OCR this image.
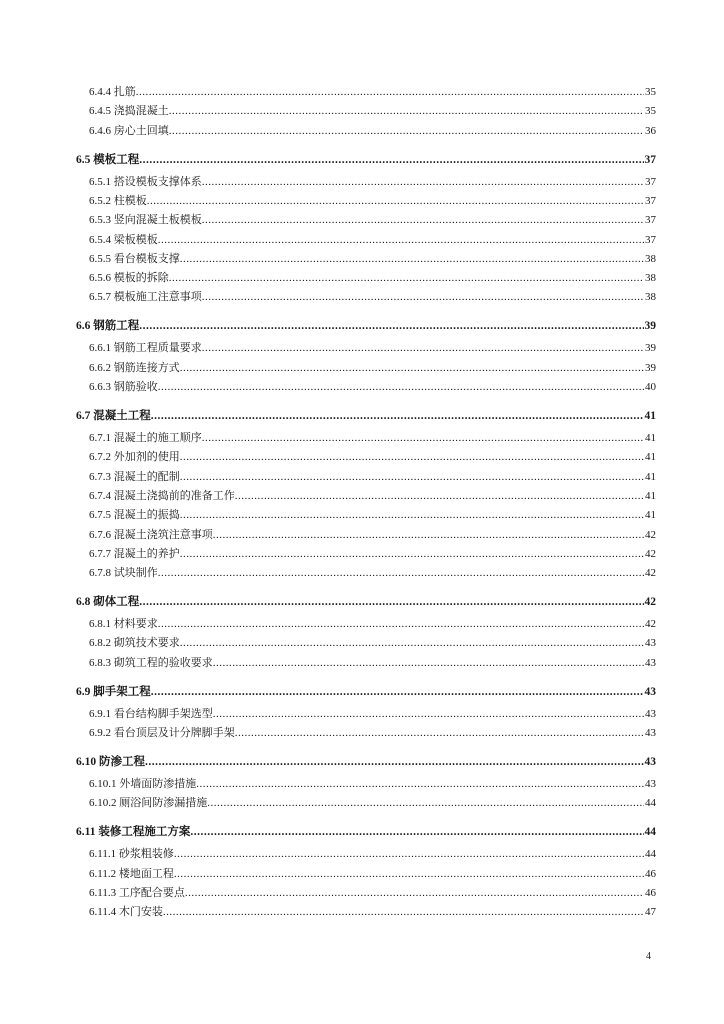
6.4.4 扎筋 .....	35
6.4.5 浇捣混凝土 .....	35
6.4.6 房心土回填 .....	36
6.5 模板工程 .....	37
6.5.1 搭设模板支撑体系 .....	37
6.5.2 柱模板 .....	37
6.5.3 竖向混凝土板模板 .....	37
6.5.4 梁板模板 .....	37
6.5.5 看台模板支撑 .....	38
6.5.6 模板的拆除 .....	38
6.5.7 模板施工注意事项 .....	38
6.6 钢筋工程 .....	39
6.6.1 钢筋工程质量要求 .....	39
6.6.2 钢筋连接方式 .....	39
6.6.3 钢筋验收 .....	40
6.7 混凝土工程 .....	41
6.7.1 混凝土的施工顺序 .....	41
6.7.2 外加剂的使用 .....	41
6.7.3 混凝土的配制 .....	41
6.7.4 混凝土浇捣前的准备工作 .....	41
6.7.5 混凝土的振捣 .....	41
6.7.6 混凝土浇筑注意事项 .....	42
6.7.7 混凝土的养护 .....	42
6.7.8 试块制作 .....	42
6.8 砌体工程 .....	42
6.8.1 材料要求 .....	42
6.8.2 砌筑技术要求 .....	43
6.8.3 砌筑工程的验收要求 .....	43
6.9 脚手架工程 .....	43
6.9.1 看台结构脚手架选型 .....	43
6.9.2 看台顶层及计分牌脚手架 .....	43
6.10 防渗工程 .....	43
6.10.1 外墙面防渗措施 .....	43
6.10.2 厕浴间防渗漏措施 .....	44
6.11 装修工程施工方案 .....	44
6.11.1 砂浆粗装修 .....	44
6.11.2 楼地面工程 .....	46
6.11.3 工序配合要点 .....	46
6.11.4 木门安装 .....	47
4
